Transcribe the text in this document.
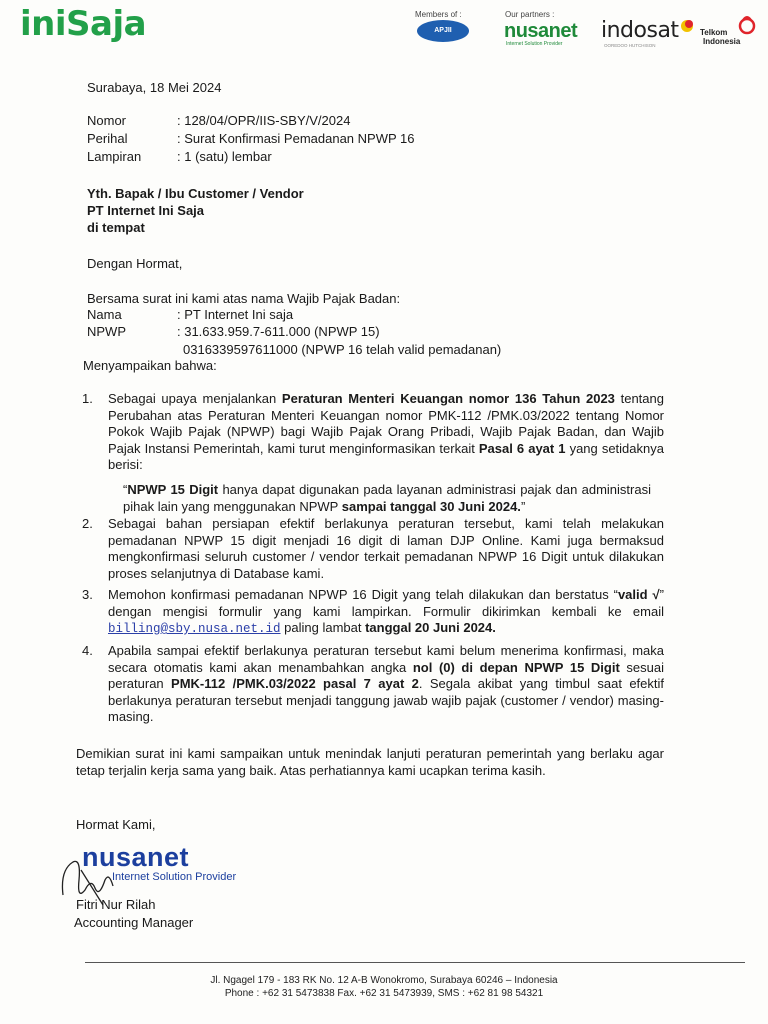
iniSaja	Members of :
APJII
Our partners :
nusanet
Internet Solution Provider
indosat
OOREDOO HUTCHISON
Telkom
Indonesia
Surabaya, 18 Mei 2024
Nomor	: 128/04/OPR/IIS-SBY/V/2024
Perihal	: Surat Konfirmasi Pemadanan NPWP 16
Lampiran	: 1 (satu) lembar
Yth. Bapak / Ibu Customer / Vendor
PT Internet Ini Saja
di tempat
Dengan Hormat,
Bersama surat ini kami atas nama Wajib Pajak Badan:
Nama	: PT Internet Ini saja
NPWP	: 31.633.959.7-611.000 (NPWP 15)
0316339597611000 (NPWP 16 telah valid pemadanan)
Menyampaikan bahwa:
1. Sebagai upaya menjalankan Peraturan Menteri Keuangan nomor 136 Tahun 2023 tentang Perubahan atas Peraturan Menteri Keuangan nomor PMK-112 /PMK.03/2022 tentang Nomor Pokok Wajib Pajak (NPWP) bagi Wajib Pajak Orang Pribadi, Wajib Pajak Badan, dan Wajib Pajak Instansi Pemerintah, kami turut menginformasikan terkait Pasal 6 ayat 1 yang setidaknya berisi:
“NPWP 15 Digit hanya dapat digunakan pada layanan administrasi pajak dan administrasi pihak lain yang menggunakan NPWP sampai tanggal 30 Juni 2024.”
2. Sebagai bahan persiapan efektif berlakunya peraturan tersebut, kami telah melakukan pemadanan NPWP 15 digit menjadi 16 digit di laman DJP Online. Kami juga bermaksud mengkonfirmasi seluruh customer / vendor terkait pemadanan NPWP 16 Digit untuk dilakukan proses selanjutnya di Database kami.
3. Memohon konfirmasi pemadanan NPWP 16 Digit yang telah dilakukan dan berstatus “valid √” dengan mengisi formulir yang kami lampirkan. Formulir dikirimkan kembali ke email billing@sby.nusa.net.id paling lambat tanggal 20 Juni 2024.
4. Apabila sampai efektif berlakunya peraturan tersebut kami belum menerima konfirmasi, maka secara otomatis kami akan menambahkan angka nol (0) di depan NPWP 15 Digit sesuai peraturan PMK-112 /PMK.03/2022 pasal 7 ayat 2. Segala akibat yang timbul saat efektif berlakunya peraturan tersebut menjadi tanggung jawab wajib pajak (customer / vendor) masing-masing.
Demikian surat ini kami sampaikan untuk menindak lanjuti peraturan pemerintah yang berlaku agar tetap terjalin kerja sama yang baik. Atas perhatiannya kami ucapkan terima kasih.
Hormat Kami,
nusanet
Internet Solution Provider
Fitri Nur Rilah
Accounting Manager
Jl. Ngagel 179 - 183 RK No. 12 A-B Wonokromo, Surabaya 60246 – Indonesia
Phone : +62 31 5473838 Fax. +62 31 5473939, SMS : +62 81 98 54321
